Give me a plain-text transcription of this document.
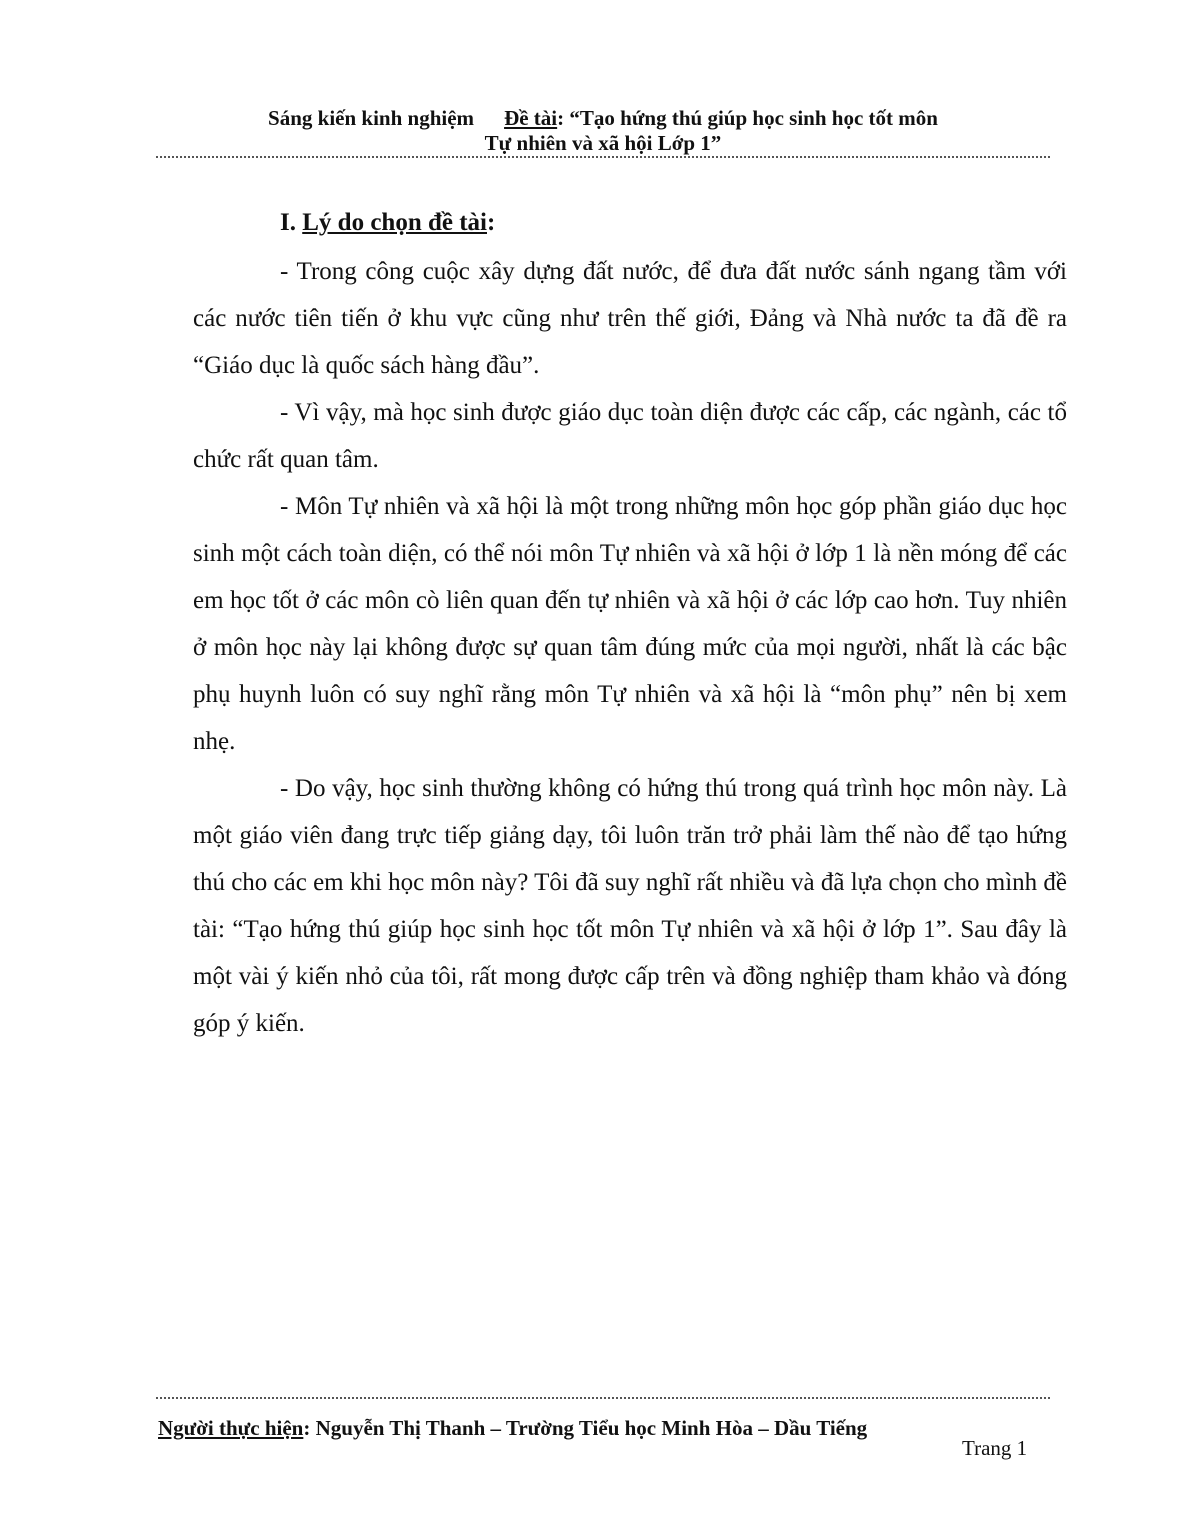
Sáng kiến kinh nghiệm Đề tài: “Tạo hứng thú giúp học sinh học tốt môn
Tự nhiên và xã hội Lớp 1”
I. Lý do chọn đề tài:

- Trong công cuộc xây dựng đất nước, để đưa đất nước sánh ngang tầm với các nước tiên tiến ở khu vực cũng như trên thế giới, Đảng và Nhà nước ta đã đề ra “Giáo dục là quốc sách hàng đầu”.

- Vì vậy, mà học sinh được giáo dục toàn diện được các cấp, các ngành, các tổ chức rất quan tâm.

- Môn Tự nhiên và xã hội là một trong những môn học góp phần giáo dục học sinh một cách toàn diện, có thể nói môn Tự nhiên và xã hội ở lớp 1 là nền móng để các em học tốt ở các môn cò liên quan đến tự nhiên và xã hội ở các lớp cao hơn. Tuy nhiên ở môn học này lại không được sự quan tâm đúng mức của mọi người, nhất là các bậc phụ huynh luôn có suy nghĩ rằng môn Tự nhiên và xã hội là “môn phụ” nên bị xem nhẹ.

- Do vậy, học sinh thường không có hứng thú trong quá trình học môn này. Là một giáo viên đang trực tiếp giảng dạy, tôi luôn trăn trở phải làm thế nào để tạo hứng thú cho các em khi học môn này? Tôi đã suy nghĩ rất nhiều và đã lựa chọn cho mình đề tài: “Tạo hứng thú giúp học sinh học tốt môn Tự nhiên và xã hội ở lớp 1”. Sau đây là một vài ý kiến nhỏ của tôi, rất mong được cấp trên và đồng nghiệp tham khảo và đóng góp ý kiến.

Người thực hiện: Nguyễn Thị Thanh – Trường Tiểu học Minh Hòa – Dầu Tiếng
Trang 1
